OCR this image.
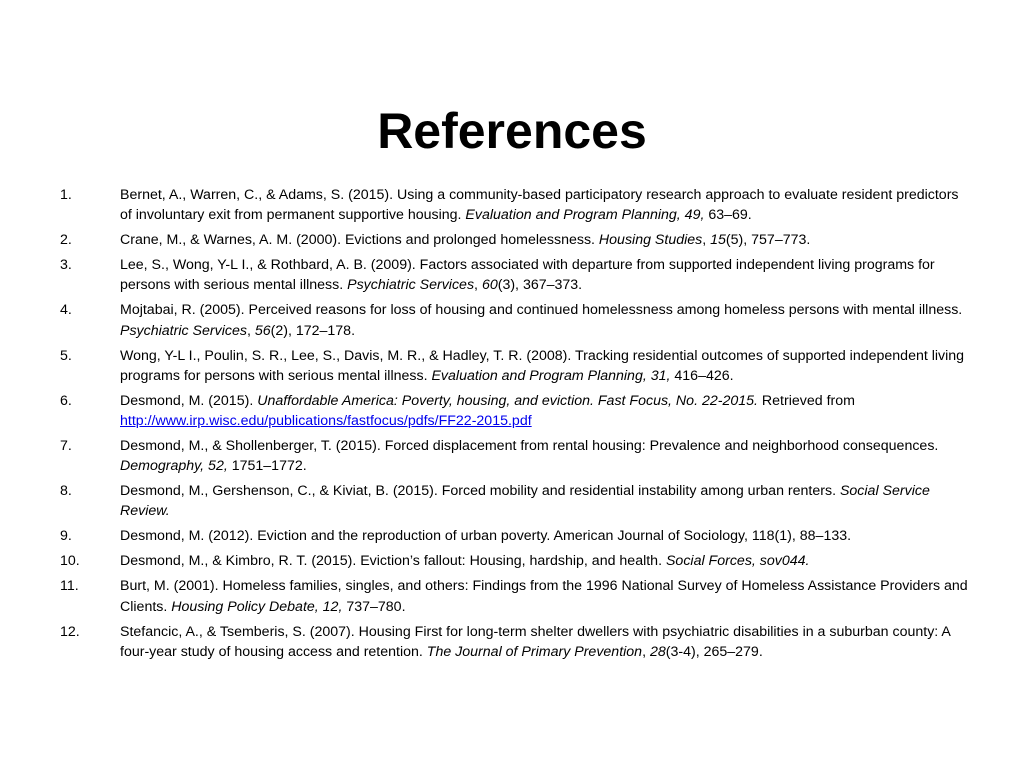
References
1.	Bernet, A., Warren, C., & Adams, S. (2015). Using a community-based participatory research approach to evaluate resident predictors of involuntary exit from permanent supportive housing. Evaluation and Program Planning, 49, 63–69.
2.	Crane, M., & Warnes, A. M. (2000). Evictions and prolonged homelessness. Housing Studies, 15(5), 757–773.
3.	Lee, S., Wong, Y-L I., & Rothbard, A. B. (2009). Factors associated with departure from supported independent living programs for persons with serious mental illness. Psychiatric Services, 60(3), 367–373.
4.	Mojtabai, R. (2005). Perceived reasons for loss of housing and continued homelessness among homeless persons with mental illness. Psychiatric Services, 56(2), 172–178.
5.	Wong, Y-L I., Poulin, S. R., Lee, S., Davis, M. R., & Hadley, T. R. (2008). Tracking residential outcomes of supported independent living programs for persons with serious mental illness. Evaluation and Program Planning, 31, 416–426.
6.	Desmond, M. (2015). Unaffordable America: Poverty, housing, and eviction. Fast Focus, No. 22-2015. Retrieved from http://www.irp.wisc.edu/publications/fastfocus/pdfs/FF22-2015.pdf
7.	Desmond, M., & Shollenberger, T. (2015). Forced displacement from rental housing: Prevalence and neighborhood consequences. Demography, 52, 1751–1772.
8.	Desmond, M., Gershenson, C., & Kiviat, B. (2015). Forced mobility and residential instability among urban renters. Social Service Review.
9.	Desmond, M. (2012). Eviction and the reproduction of urban poverty. American Journal of Sociology, 118(1), 88–133.
10.	Desmond, M., & Kimbro, R. T. (2015). Eviction’s fallout: Housing, hardship, and health. Social Forces, sov044.
11.	Burt, M. (2001). Homeless families, singles, and others: Findings from the 1996 National Survey of Homeless Assistance Providers and Clients. Housing Policy Debate, 12, 737–780.
12.	Stefancic, A., & Tsemberis, S. (2007). Housing First for long-term shelter dwellers with psychiatric disabilities in a suburban county: A four-year study of housing access and retention. The Journal of Primary Prevention, 28(3-4), 265–279.
